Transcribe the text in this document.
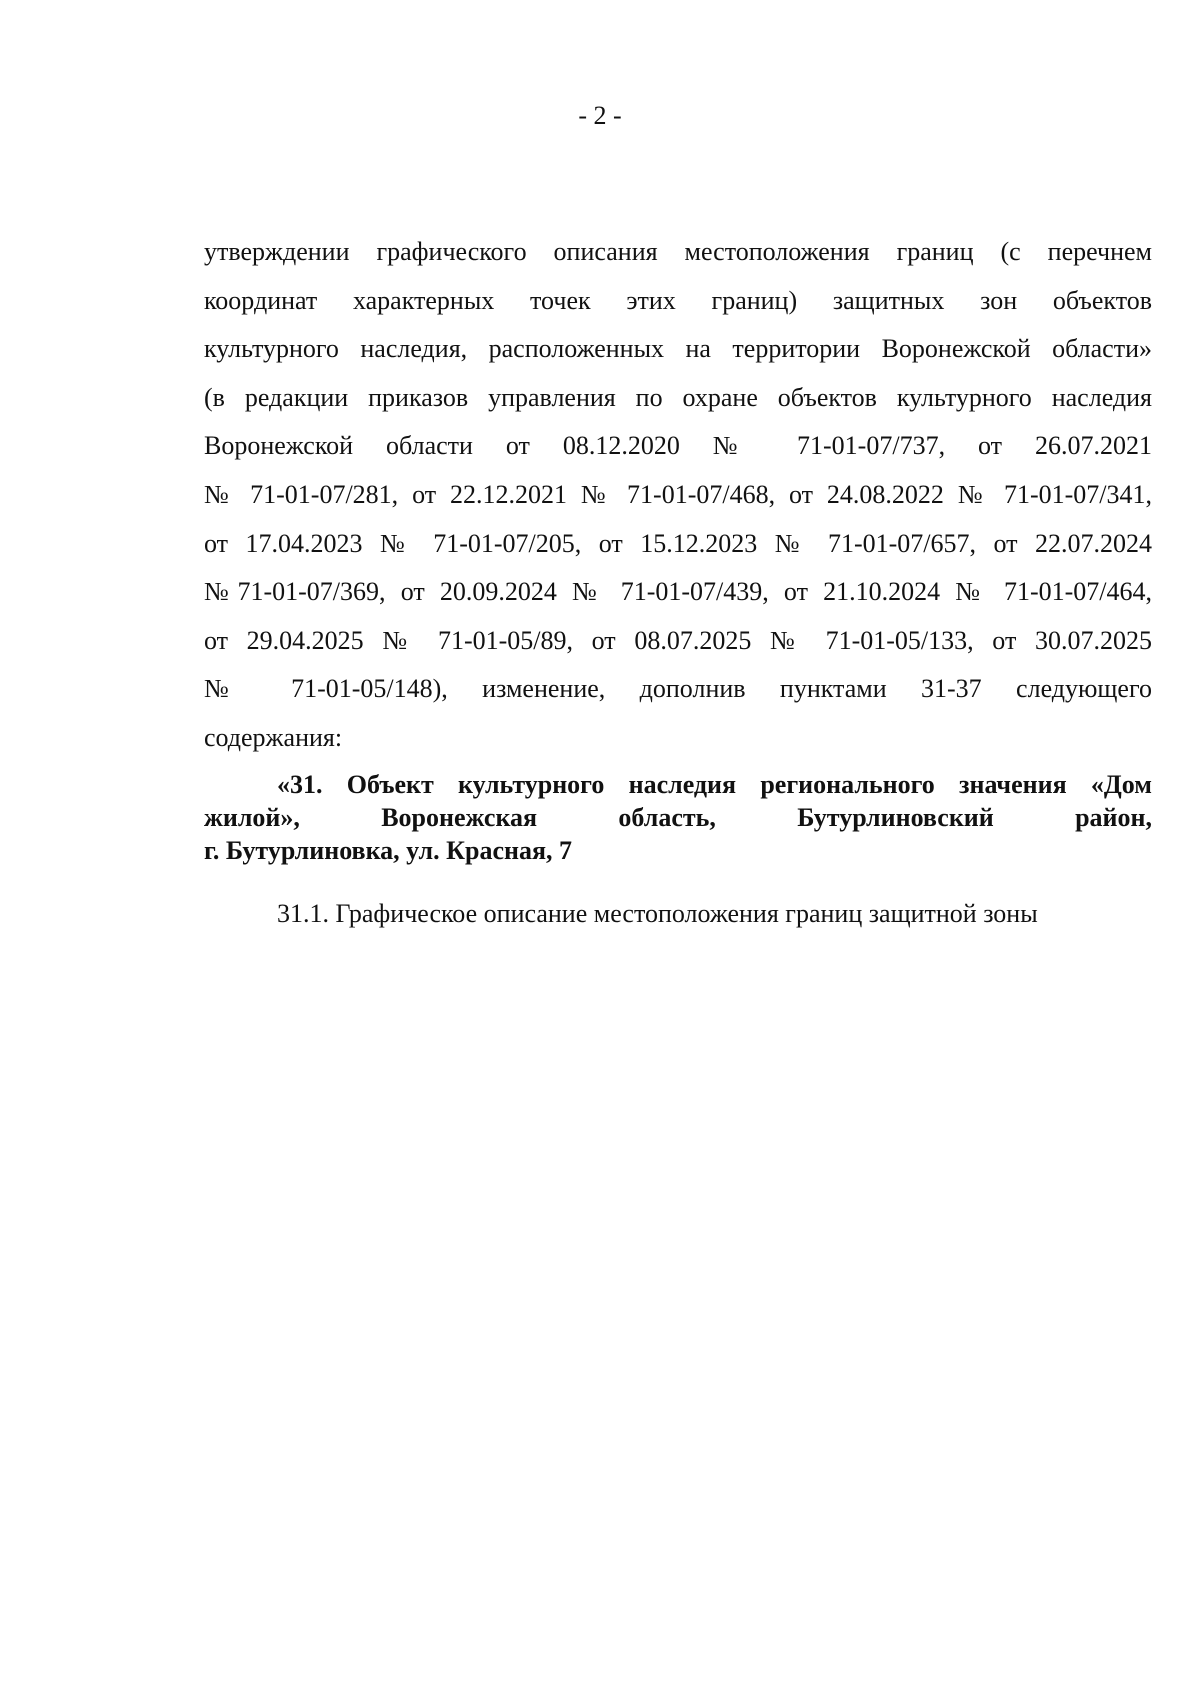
- 2 -
утверждении графического описания местоположения границ (с перечнем
координат характерных точек этих границ) защитных зон объектов
культурного наследия, расположенных на территории Воронежской области»
(в редакции приказов управления по охране объектов культурного наследия
Воронежской области от 08.12.2020 № 71-01-07/737, от 26.07.2021
№ 71-01-07/281, от 22.12.2021 № 71-01-07/468, от 24.08.2022 № 71-01-07/341,
от 17.04.2023 № 71-01-07/205, от 15.12.2023 № 71-01-07/657, от 22.07.2024
№71-01-07/369, от 20.09.2024 № 71-01-07/439, от 21.10.2024 № 71-01-07/464,
от 29.04.2025 № 71-01-05/89, от 08.07.2025 № 71-01-05/133, от 30.07.2025
№ 71-01-05/148), изменение, дополнив пунктами 31-37 следующего
содержания:
«31. Объект культурного наследия регионального значения «Дом
жилой», Воронежская область, Бутурлиновский район,
г. Бутурлиновка, ул. Красная, 7
31.1. Графическое описание местоположения границ защитной зоны
